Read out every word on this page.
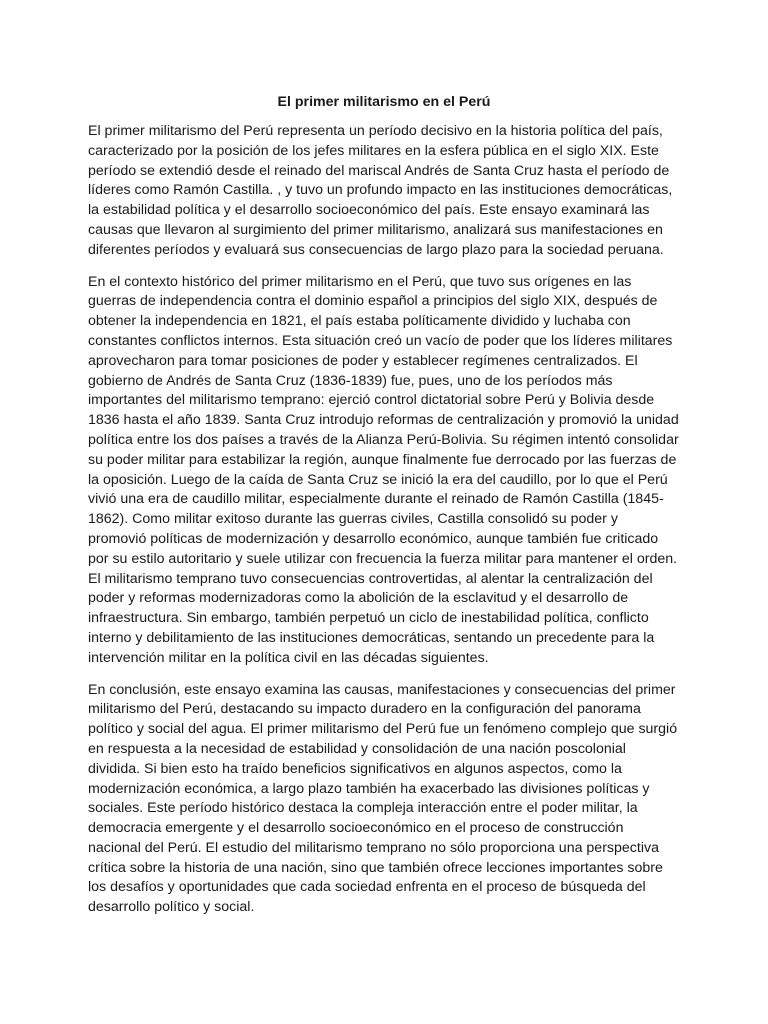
El primer militarismo en el Perú

El primer militarismo del Perú representa un período decisivo en la historia política del país, caracterizado por la posición de los jefes militares en la esfera pública en el siglo XIX. Este período se extendió desde el reinado del mariscal Andrés de Santa Cruz hasta el período de líderes como Ramón Castilla. , y tuvo un profundo impacto en las instituciones democráticas, la estabilidad política y el desarrollo socioeconómico del país. Este ensayo examinará las causas que llevaron al surgimiento del primer militarismo, analizará sus manifestaciones en diferentes períodos y evaluará sus consecuencias de largo plazo para la sociedad peruana.

En el contexto histórico del primer militarismo en el Perú, que tuvo sus orígenes en las guerras de independencia contra el dominio español a principios del siglo XIX, después de obtener la independencia en 1821, el país estaba políticamente dividido y luchaba con constantes conflictos internos. Esta situación creó un vacío de poder que los líderes militares aprovecharon para tomar posiciones de poder y establecer regímenes centralizados. El gobierno de Andrés de Santa Cruz (1836-1839) fue, pues, uno de los períodos más importantes del militarismo temprano: ejerció control dictatorial sobre Perú y Bolivia desde 1836 hasta el año 1839. Santa Cruz introdujo reformas de centralización y promovió la unidad política entre los dos países a través de la Alianza Perú-Bolivia. Su régimen intentó consolidar su poder militar para estabilizar la región, aunque finalmente fue derrocado por las fuerzas de la oposición. Luego de la caída de Santa Cruz se inició la era del caudillo, por lo que el Perú vivió una era de caudillo militar, especialmente durante el reinado de Ramón Castilla (1845-1862). Como militar exitoso durante las guerras civiles, Castilla consolidó su poder y promovió políticas de modernización y desarrollo económico, aunque también fue criticado por su estilo autoritario y suele utilizar con frecuencia la fuerza militar para mantener el orden. El militarismo temprano tuvo consecuencias controvertidas, al alentar la centralización del poder y reformas modernizadoras como la abolición de la esclavitud y el desarrollo de infraestructura. Sin embargo, también perpetuó un ciclo de inestabilidad política, conflicto interno y debilitamiento de las instituciones democráticas, sentando un precedente para la intervención militar en la política civil en las décadas siguientes.

En conclusión, este ensayo examina las causas, manifestaciones y consecuencias del primer militarismo del Perú, destacando su impacto duradero en la configuración del panorama político y social del agua. El primer militarismo del Perú fue un fenómeno complejo que surgió en respuesta a la necesidad de estabilidad y consolidación de una nación poscolonial dividida. Si bien esto ha traído beneficios significativos en algunos aspectos, como la modernización económica, a largo plazo también ha exacerbado las divisiones políticas y sociales. Este período histórico destaca la compleja interacción entre el poder militar, la democracia emergente y el desarrollo socioeconómico en el proceso de construcción nacional del Perú. El estudio del militarismo temprano no sólo proporciona una perspectiva crítica sobre la historia de una nación, sino que también ofrece lecciones importantes sobre los desafíos y oportunidades que cada sociedad enfrenta en el proceso de búsqueda del desarrollo político y social.
